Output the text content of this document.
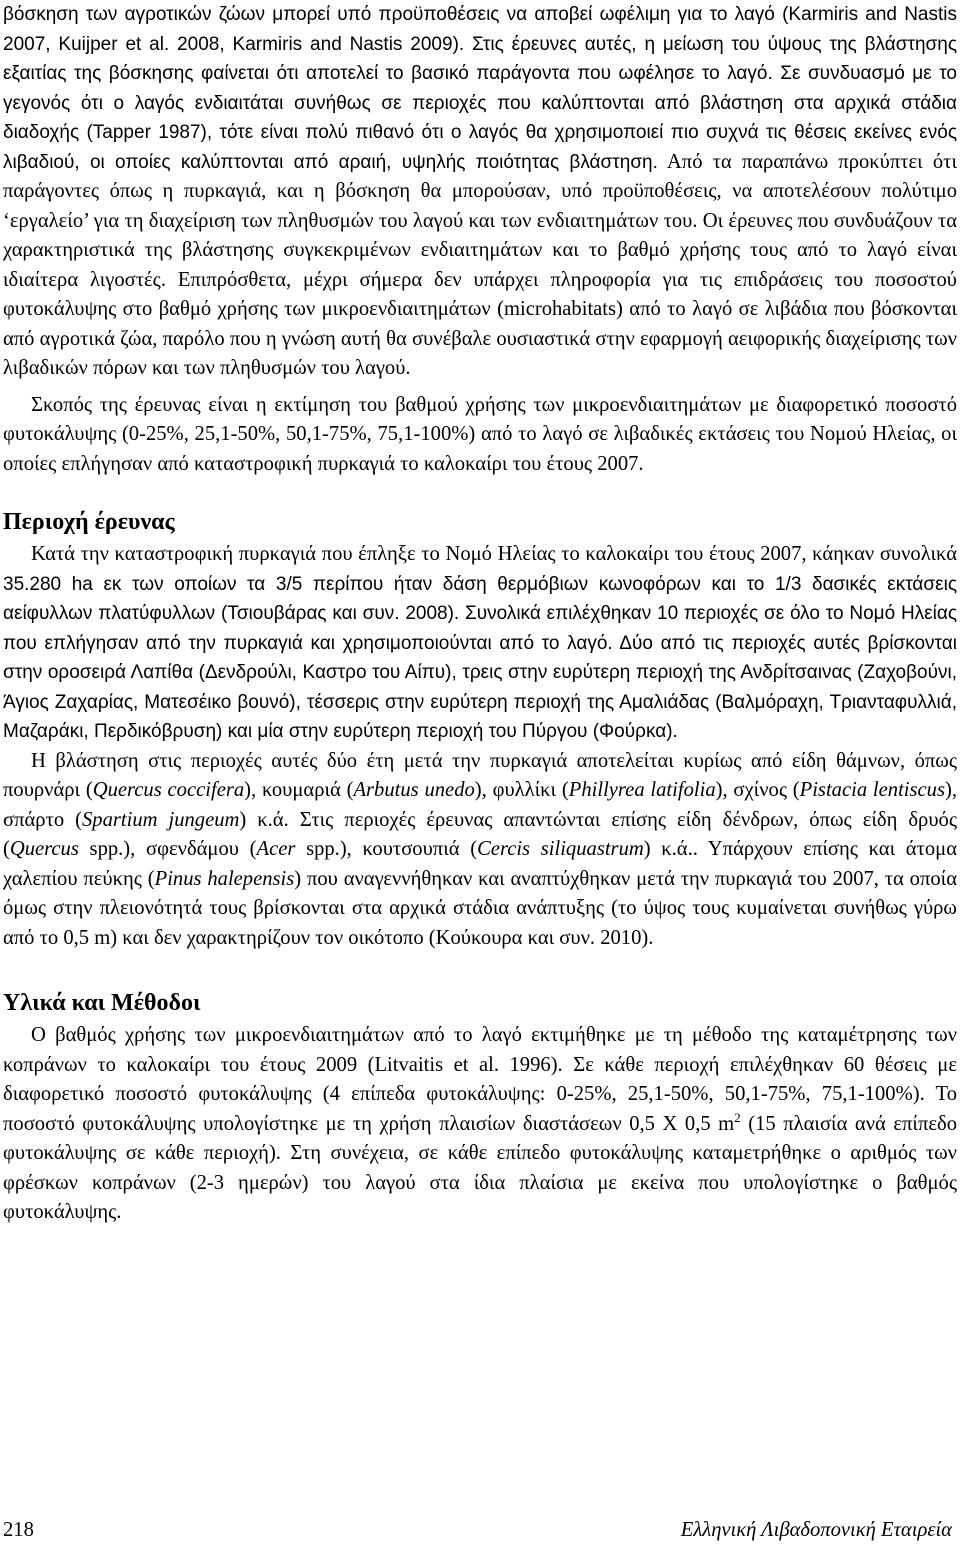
βόσκηση των αγροτικών ζώων μπορεί υπό προϋποθέσεις να αποβεί ωφέλιμη για το λαγό (Karmiris and Nastis 2007, Kuijper et al. 2008, Karmiris and Nastis 2009). Στις έρευνες αυτές, η μείωση του ύψους της βλάστησης εξαιτίας της βόσκησης φαίνεται ότι αποτελεί το βασικό παράγοντα που ωφέλησε το λαγό. Σε συνδυασμό με το γεγονός ότι ο λαγός ενδιαιτάται συνήθως σε περιοχές που καλύπτονται από βλάστηση στα αρχικά στάδια διαδοχής (Tapper 1987), τότε είναι πολύ πιθανό ότι ο λαγός θα χρησιμοποιεί πιο συχνά τις θέσεις εκείνες ενός λιβαδιού, οι οποίες καλύπτονται από αραιή, υψηλής ποιότητας βλάστηση. Από τα παραπάνω προκύπτει ότι παράγοντες όπως η πυρκαγιά, και η βόσκηση θα μπορούσαν, υπό προϋποθέσεις, να αποτελέσουν πολύτιμο ‘εργαλείο’ για τη διαχείριση των πληθυσμών του λαγού και των ενδιαιτημάτων του. Οι έρευνες που συνδυάζουν τα χαρακτηριστικά της βλάστησης συγκεκριμένων ενδιαιτημάτων και το βαθμό χρήσης τους από το λαγό είναι ιδιαίτερα λιγοστές. Επιπρόσθετα, μέχρι σήμερα δεν υπάρχει πληροφορία για τις επιδράσεις του ποσοστού φυτοκάλυψης στο βαθμό χρήσης των μικροενδιαιτημάτων (microhabitats) από το λαγό σε λιβάδια που βόσκονται από αγροτικά ζώα, παρόλο που η γνώση αυτή θα συνέβαλε ουσιαστικά στην εφαρμογή αειφορικής διαχείρισης των λιβαδικών πόρων και των πληθυσμών του λαγού.

Σκοπός της έρευνας είναι η εκτίμηση του βαθμού χρήσης των μικροενδιαιτημάτων με διαφορετικό ποσοστό φυτοκάλυψης (0-25%, 25,1-50%, 50,1-75%, 75,1-100%) από το λαγό σε λιβαδικές εκτάσεις του Νομού Ηλείας, οι οποίες επλήγησαν από καταστροφική πυρκαγιά το καλοκαίρι του έτους 2007.

Περιοχή έρευνας

Κατά την καταστροφική πυρκαγιά που έπληξε το Νομό Ηλείας το καλοκαίρι του έτους 2007, κάηκαν συνολικά 35.280 ha εκ των οποίων τα 3/5 περίπου ήταν δάση θερμόβιων κωνοφόρων και το 1/3 δασικές εκτάσεις αείφυλλων πλατύφυλλων (Τσιουβάρας και συν. 2008). Συνολικά επιλέχθηκαν 10 περιοχές σε όλο το Νομό Ηλείας που επλήγησαν από την πυρκαγιά και χρησιμοποιούνται από το λαγό. Δύο από τις περιοχές αυτές βρίσκονται στην οροσειρά Λαπίθα (Δενδρούλι, Καστρο του Αίπυ), τρεις στην ευρύτερη περιοχή της Ανδρίτσαινας (Ζαχοβούνι, Άγιος Ζαχαρίας, Ματεσέικο βουνό), τέσσερις στην ευρύτερη περιοχή της Αμαλιάδας (Βαλμόραχη, Τριανταφυλλιά, Μαζαράκι, Περδικόβρυση) και μία στην ευρύτερη περιοχή του Πύργου (Φούρκα).

Η βλάστηση στις περιοχές αυτές δύο έτη μετά την πυρκαγιά αποτελείται κυρίως από είδη θάμνων, όπως πουρνάρι (Quercus coccifera), κουμαριά (Arbutus unedo), φυλλίκι (Phillyrea latifolia), σχίνος (Pistacia lentiscus), σπάρτο (Spartium jungeum) κ.ά. Στις περιοχές έρευνας απαντώνται επίσης είδη δένδρων, όπως είδη δρυός (Quercus spp.), σφενδάμου (Acer spp.), κουτσουπιά (Cercis siliquastrum) κ.ά.. Υπάρχουν επίσης και άτομα χαλεπίου πεύκης (Pinus halepensis) που αναγεννήθηκαν και αναπτύχθηκαν μετά την πυρκαγιά του 2007, τα οποία όμως στην πλειονότητά τους βρίσκονται στα αρχικά στάδια ανάπτυξης (το ύψος τους κυμαίνεται συνήθως γύρω από το 0,5 m) και δεν χαρακτηρίζουν τον οικότοπο (Κούκουρα και συν. 2010).

Υλικά και Μέθοδοι

Ο βαθμός χρήσης των μικροενδιαιτημάτων από το λαγό εκτιμήθηκε με τη μέθοδο της καταμέτρησης των κοπράνων το καλοκαίρι του έτους 2009 (Litvaitis et al. 1996). Σε κάθε περιοχή επιλέχθηκαν 60 θέσεις με διαφορετικό ποσοστό φυτοκάλυψης (4 επίπεδα φυτοκάλυψης: 0-25%, 25,1-50%, 50,1-75%, 75,1-100%). Το ποσοστό φυτοκάλυψης υπολογίστηκε με τη χρήση πλαισίων διαστάσεων 0,5 Χ 0,5 $m^2$ (15 πλαισία ανά επίπεδο φυτοκάλυψης σε κάθε περιοχή). Στη συνέχεια, σε κάθε επίπεδο φυτοκάλυψης καταμετρήθηκε ο αριθμός των φρέσκων κοπράνων (2-3 ημερών) του λαγού στα ίδια πλαίσια με εκείνα που υπολογίστηκε ο βαθμός φυτοκάλυψης.

218	Ελληνική Λιβαδοπονική Εταιρεία
